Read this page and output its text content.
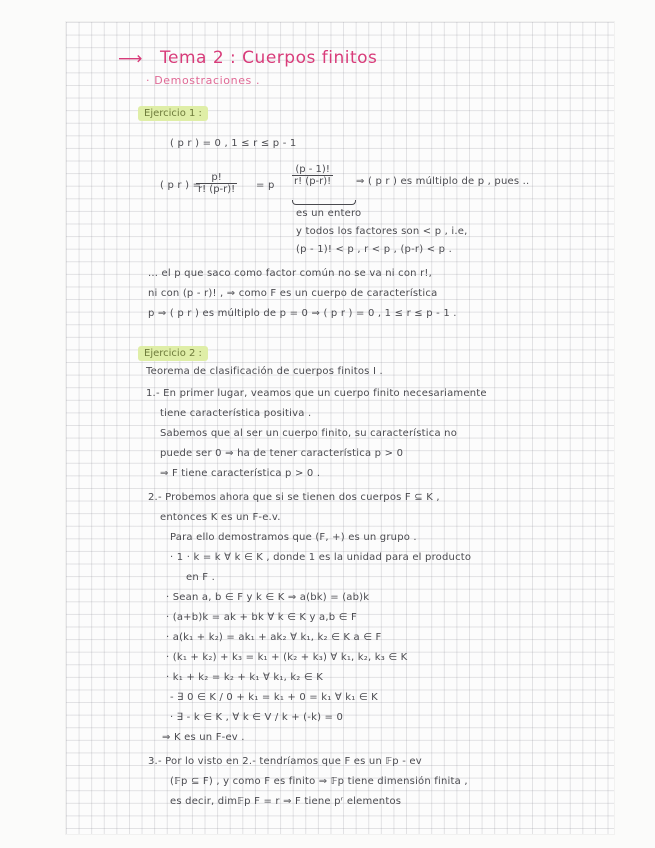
⟶ Tema 2 : Cuerpos finitos
· Demostraciones .
Ejercicio 1 :
( p r ) = 0 , 1 ≤ r ≤ p - 1
( p r ) =
$\frac{p!}{r! (p-r)!} = p \frac{(p - 1)!}{r! (p-r)!}$ ⇒ ( p r ) es múltiplo de p , pues ..
es un entero
y todos los factores son < p , i.e,
(p - 1)! < p , r < p , (p-r) < p .
... el p que saco como factor común no se va ni con r!,
ni con (p - r)! , ⇒ como F es un cuerpo de característica
p ⇒ ( p r ) es múltiplo de p = 0 ⇒ ( p r ) = 0 , 1 ≤ r ≤ p - 1 .
Ejercicio 2 :
Teorema de clasificación de cuerpos finitos I .
1.- En primer lugar, veamos que un cuerpo finito necesariamente
tiene característica positiva .
Sabemos que al ser un cuerpo finito, su característica no
puede ser 0 ⇒ ha de tener característica p > 0
⇒ F tiene característica p > 0 .
2.- Probemos ahora que si se tienen dos cuerpos F ⊆ K ,
entonces K es un F-e.v.
Para ello demostramos que (F, +) es un grupo .
· 1 · k = k ∀ k ∈ K , donde 1 es la unidad para el producto
en F .
· Sean a, b ∈ F y k ∈ K ⇒ a(bk) = (ab)k
· (a+b)k = ak + bk ∀ k ∈ K y a,b ∈ F
· a(k₁ + k₂) = ak₁ + ak₂ ∀ k₁, k₂ ∈ K a ∈ F
· (k₁ + k₂) + k₃ = k₁ + (k₂ + k₃) ∀ k₁, k₂, k₃ ∈ K
· k₁ + k₂ = k₂ + k₁ ∀ k₁, k₂ ∈ K
- ∃ 0 ∈ K / 0 + k₁ = k₁ + 0 = k₁ ∀ k₁ ∈ K
· ∃ - k ∈ K , ∀ k ∈ V / k + (-k) = 0
⇒ K es un F-ev .
3.- Por lo visto en 2.- tendríamos que F es un 𝔽p - ev
(𝔽p ⊆ F) , y como F es finito ⇒ 𝔽p tiene dimensión finita ,
es decir, dim𝔽p F = r ⇒ F tiene pʳ elementos
